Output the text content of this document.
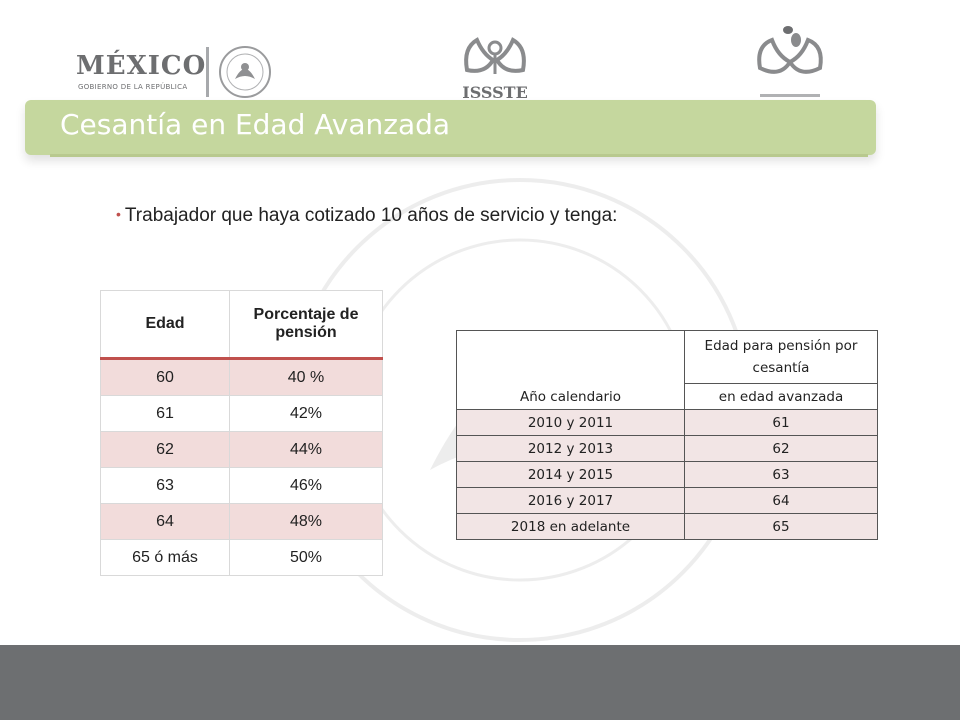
MÉXICO
GOBIERNO DE LA REPÚBLICA	ISSSTE
Cesantía en Edad Avanzada
• Trabajador que haya cotizado 10 años de servicio y tenga:
Edad	Porcentaje de pensión
60	40 %
61	42%
62	44%
63	46%
64	48%
65 ó más	50%
Año calendario	Edad para pensión por cesantía
	en edad avanzada
2010 y 2011	61
2012 y 2013	62
2014 y 2015	63
2016 y 2017	64
2018 en adelante	65
